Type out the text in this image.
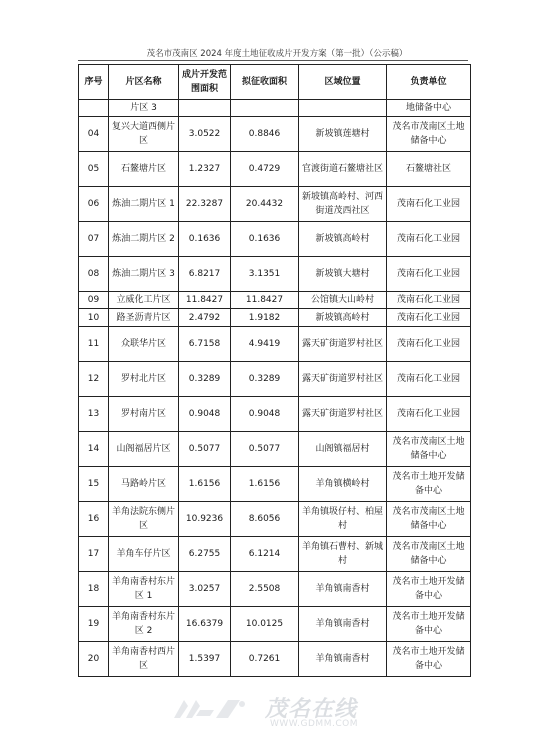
茂名市茂南区 2024 年度土地征收成片开发方案（第一批）（公示稿）
序号	片区名称	成片开发范围面积	拟征收面积	区域位置	负责单位
	片区 3				地储备中心
04	复兴大道西侧片区	3.0522	0.8846	新坡镇莲塘村	茂名市茂南区土地储备中心
05	石鳌塘片区	1.2327	0.4729	官渡街道石鳌塘社区	石鳌塘社区
06	炼油二期片区 1	22.3287	20.4432	新坡镇高岭村、河西街道茂西社区	茂南石化工业园
07	炼油二期片区 2	0.1636	0.1636	新坡镇高岭村	茂南石化工业园
08	炼油二期片区 3	6.8217	3.1351	新坡镇大塘村	茂南石化工业园
09	立威化工片区	11.8427	11.8427	公馆镇大山岭村	茂南石化工业园
10	路圣沥青片区	2.4792	1.9182	新坡镇高岭村	茂南石化工业园
11	众联华片区	6.7158	4.9419	露天矿街道罗村社区	茂南石化工业园
12	罗村北片区	0.3289	0.3289	露天矿街道罗村社区	茂南石化工业园
13	罗村南片区	0.9048	0.9048	露天矿街道罗村社区	茂南石化工业园
14	山阁福居片区	0.5077	0.5077	山阁镇福居村	茂名市茂南区土地储备中心
15	马路岭片区	1.6156	1.6156	羊角镇横岭村	茂名市土地开发储备中心
16	羊角法院东侧片区	10.9236	8.6056	羊角镇圾仔村、柏屋村	茂名市茂南区土地储备中心
17	羊角车仔片区	6.2755	6.1214	羊角镇石曹村、新城村	茂名市茂南区土地储备中心
18	羊角南香村东片区 1	3.0257	2.5508	羊角镇南香村	茂名市土地开发储备中心
19	羊角南香村东片区 2	16.6379	10.0125	羊角镇南香村	茂名市土地开发储备中心
20	羊角南香村西片区	1.5397	0.7261	羊角镇南香村	茂名市土地开发储备中心
茂名在线
WWW.GDMM.COM
